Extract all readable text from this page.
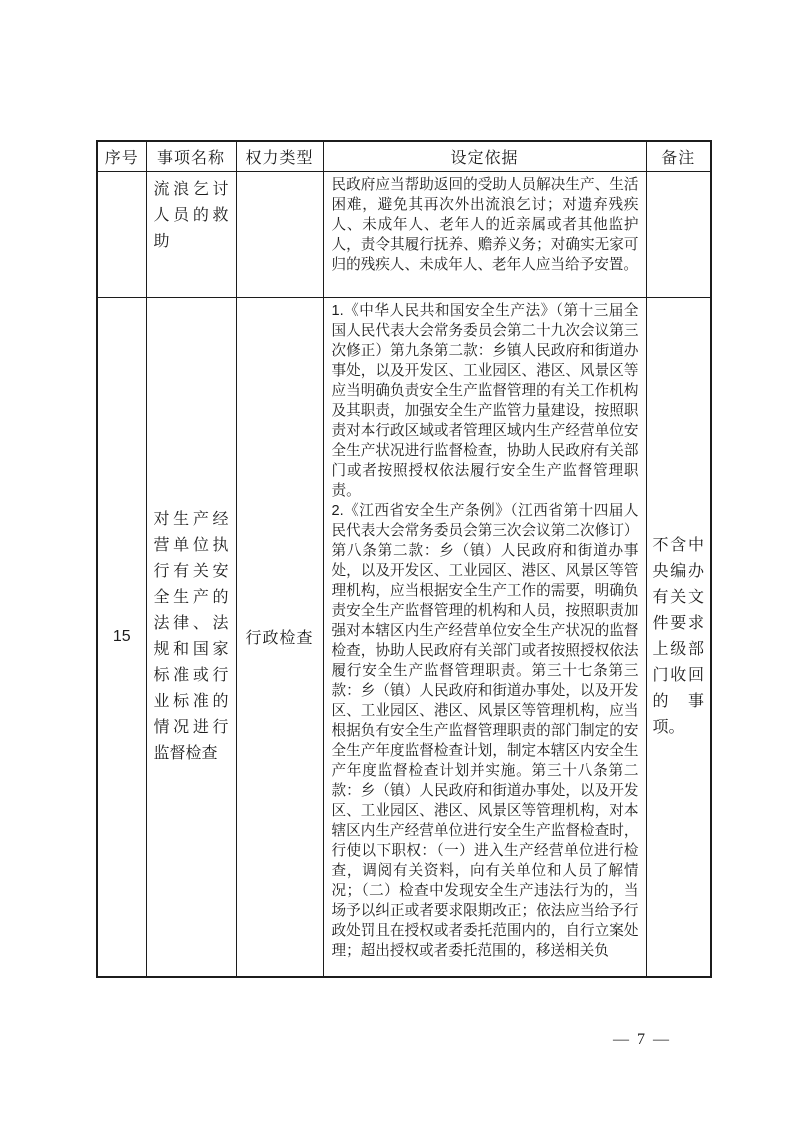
序号	事项名称	权力类型	设定依据	备注

	流浪乞讨人员的救助		民政府应当帮助返回的受助人员解决生产、生活困难，避免其再次外出流浪乞讨；对遗弃残疾人、未成年人、老年人的近亲属或者其他监护人，责令其履行抚养、赡养义务；对确实无家可归的残疾人、未成年人、老年人应当给予安置。	

15	对生产经营单位执行有关安全生产的法律、法规和国家标准或行业标准的情况进行监督检查	行政检查	1.《中华人民共和国安全生产法》（第十三届全国人民代表大会常务委员会第二十九次会议第三次修正）第九条第二款：乡镇人民政府和街道办事处，以及开发区、工业园区、港区、风景区等应当明确负责安全生产监督管理的有关工作机构及其职责，加强安全生产监管力量建设，按照职责对本行政区域或者管理区域内生产经营单位安全生产状况进行监督检查，协助人民政府有关部门或者按照授权依法履行安全生产监督管理职责。

2.《江西省安全生产条例》（江西省第十四届人民代表大会常务委员会第三次会议第二次修订）第八条第二款：乡（镇）人民政府和街道办事处，以及开发区、工业园区、港区、风景区等管理机构，应当根据安全生产工作的需要，明确负责安全生产监督管理的机构和人员，按照职责加强对本辖区内生产经营单位安全生产状况的监督检查，协助人民政府有关部门或者按照授权依法履行安全生产监督管理职责。第三十七条第三款：乡（镇）人民政府和街道办事处，以及开发区、工业园区、港区、风景区等管理机构，应当根据负有安全生产监督管理职责的部门制定的安全生产年度监督检查计划，制定本辖区内安全生产年度监督检查计划并实施。第三十八条第二款：乡（镇）人民政府和街道办事处，以及开发区、工业园区、港区、风景区等管理机构，对本辖区内生产经营单位进行安全生产监督检查时，行使以下职权：（一）进入生产经营单位进行检查，调阅有关资料，向有关单位和人员了解情况；（二）检查中发现安全生产违法行为的，当场予以纠正或者要求限期改正；依法应当给予行政处罚且在授权或者委托范围内的，自行立案处理；超出授权或者委托范围的，移送相关负	不含中央编办有关文件要求上级部门收回的事项。
— 7 —
